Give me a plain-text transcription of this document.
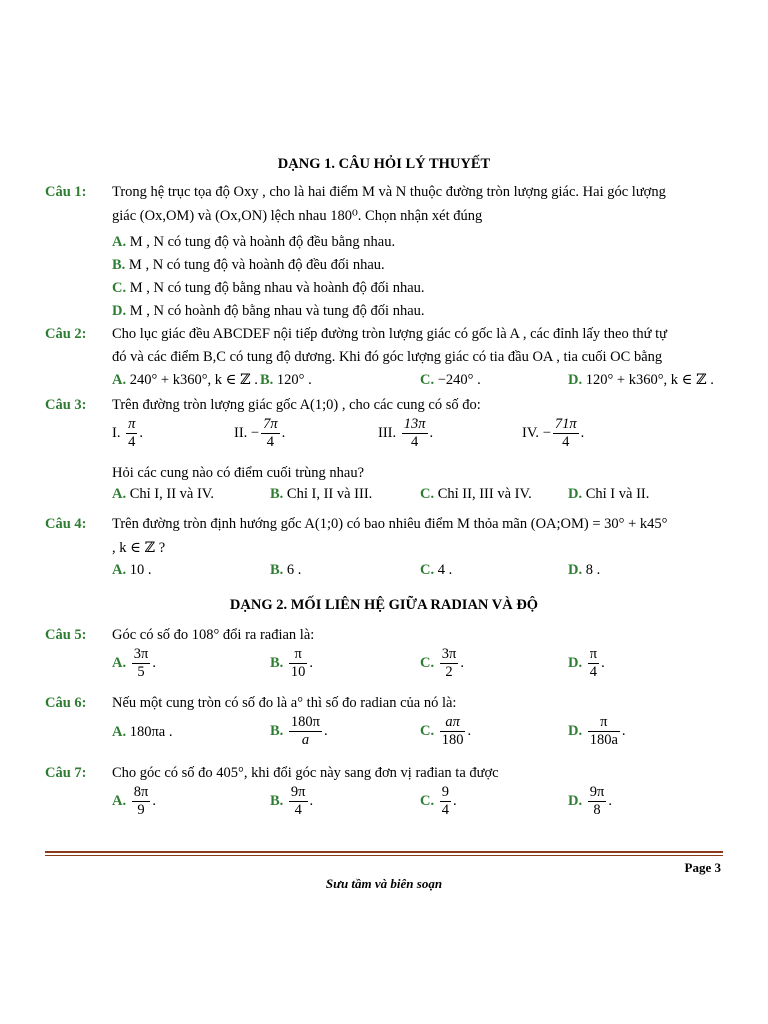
DẠNG 1. CÂU HỎI LÝ THUYẾT
Câu 1: Trong hệ trục tọa độ Oxy , cho là hai điểm M và N thuộc đường tròn lượng giác. Hai góc lượng
giác (Ox,OM) và (Ox,ON) lệch nhau 180⁰. Chọn nhận xét đúng
A. M , N có tung độ và hoành độ đều bằng nhau.
B. M , N có tung độ và hoành độ đều đối nhau.
C. M , N có tung độ bằng nhau và hoành độ đối nhau.
D. M , N có hoành độ bằng nhau và tung độ đối nhau.
Câu 2: Cho lục giác đều ABCDEF nội tiếp đường tròn lượng giác có gốc là A , các đỉnh lấy theo thứ tự
đó và các điểm B,C có tung độ dương. Khi đó góc lượng giác có tia đầu OA , tia cuối OC bằng
A. 240° + k360°, k ∈ ℤ . B. 120° .	C. −240° .	D. 120° + k360°, k ∈ ℤ .
Câu 3: Trên đường tròn lượng giác gốc A(1;0) , cho các cung có số đo:
I. $\frac{\pi}{4}$ .	II. − $\frac{7\pi}{4}$ .	III. $\frac{13\pi}{4}$ .	IV. − $\frac{71\pi}{4}$ .
Hỏi các cung nào có điểm cuối trùng nhau?
A. Chỉ I, II và IV.	B. Chỉ I, II và III.	C. Chỉ II, III và IV.	D. Chỉ I và II.
Câu 4: Trên đường tròn định hướng gốc A(1;0) có bao nhiêu điểm M thỏa mãn (OA;OM) = 30° + k45°
, k ∈ ℤ ?
A. 10 .	B. 6 .	C. 4 .	D. 8 .
DẠNG 2. MỐI LIÊN HỆ GIỮA RADIAN VÀ ĐỘ
Câu 5: Góc có số đo 108° đổi ra rađian là:
A. $\frac{3\pi}{5}$ .	B. $\frac{\pi}{10}$ .	C. $\frac{3\pi}{2}$ .	D. $\frac{\pi}{4}$ .
Câu 6: Nếu một cung tròn có số đo là a° thì số đo radian của nó là:
A. 180πa .	B. $\frac{180\pi}{a}$ .	C. $\frac{a\pi}{180}$ .	D. $\frac{\pi}{180a}$ .
Câu 7: Cho góc có số đo 405°, khi đổi góc này sang đơn vị rađian ta được
A. $\frac{8\pi}{9}$ .	B. $\frac{9\pi}{4}$ .	C. $\frac{9}{4}$ .	D. $\frac{9\pi}{8}$ .
Page 3
Sưu tầm và biên soạn
